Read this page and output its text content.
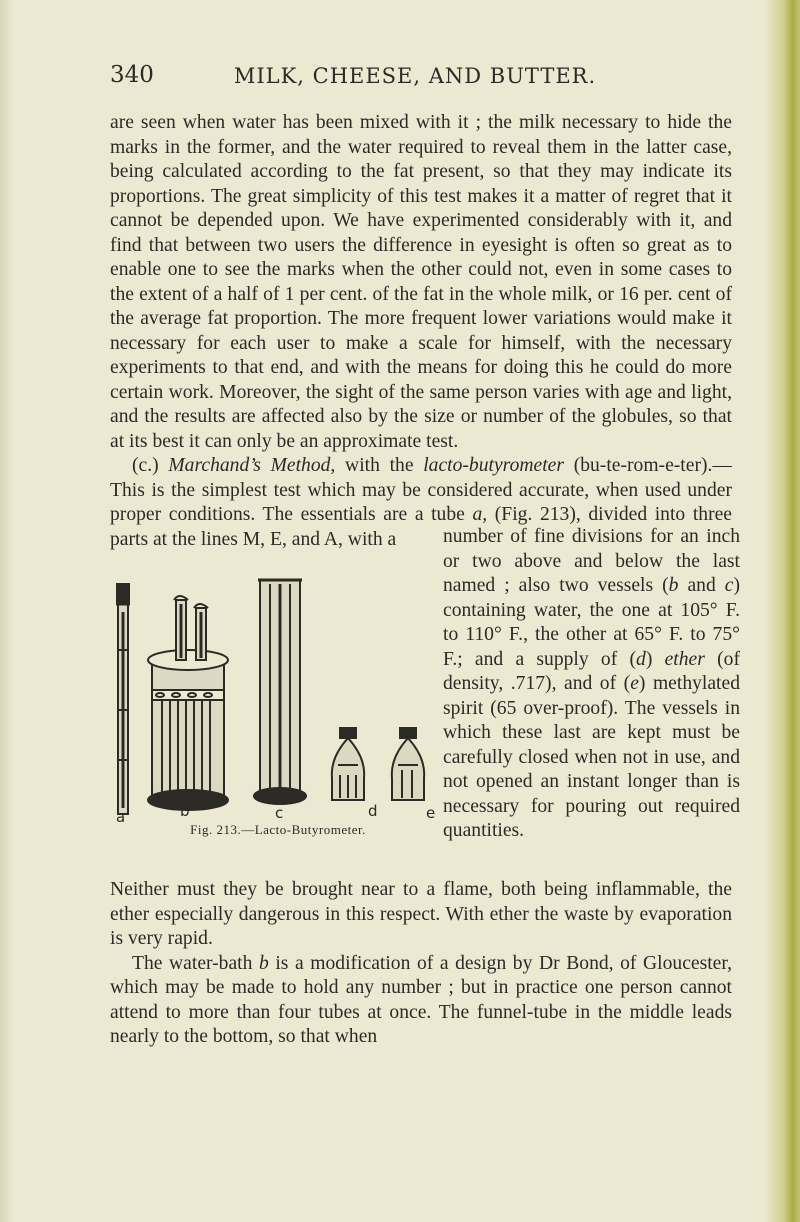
340	MILK, CHEESE, AND BUTTER.

are seen when water has been mixed with it ; the milk necessary to hide the marks in the former, and the water required to reveal them in the latter case, being calculated according to the fat present, so that they may indicate its proportions. The great simplicity of this test makes it a matter of regret that it cannot be depended upon. We have experimented considerably with it, and find that between two users the difference in eyesight is often so great as to enable one to see the marks when the other could not, even in some cases to the extent of a half of 1 per cent. of the fat in the whole milk, or 16 per. cent of the average fat proportion. The more frequent lower variations would make it necessary for each user to make a scale for himself, with the necessary experiments to that end, and with the means for doing this he could do more certain work. Moreover, the sight of the same person varies with age and light, and the results are affected also by the size or number of the globules, so that at its best it can only be an approximate test.

(c.) Marchand’s Method, with the lacto-butyrometer (bu-te-rom-e-ter).—This is the simplest test which may be considered accurate, when used under proper conditions. The essentials are a tube a, (Fig. 213), divided into three parts at the lines M, E, and A, with a	number of fine divisions for an inch or two above and below the last named ; also two vessels (b and c) containing water, the one at 105° F. to 110° F., the other at 65° F. to 75° F.; and a supply of (d) ether (of density, .717), and of (e) methylated spirit (65 over-proof). The vessels in which these last are kept must be carefully closed when not in use, and not opened an instant longer than is necessary for pouring out required quantities.

a	b	c	d	e
Fig. 213.—Lacto-Butyrometer.

Neither must they be brought near to a flame, both being inflammable, the ether especially dangerous in this respect. With ether the waste by evaporation is very rapid.

The water-bath b is a modification of a design by Dr Bond, of Gloucester, which may be made to hold any number ; but in practice one person cannot attend to more than four tubes at once. The funnel-tube in the middle leads nearly to the bottom, so that when
